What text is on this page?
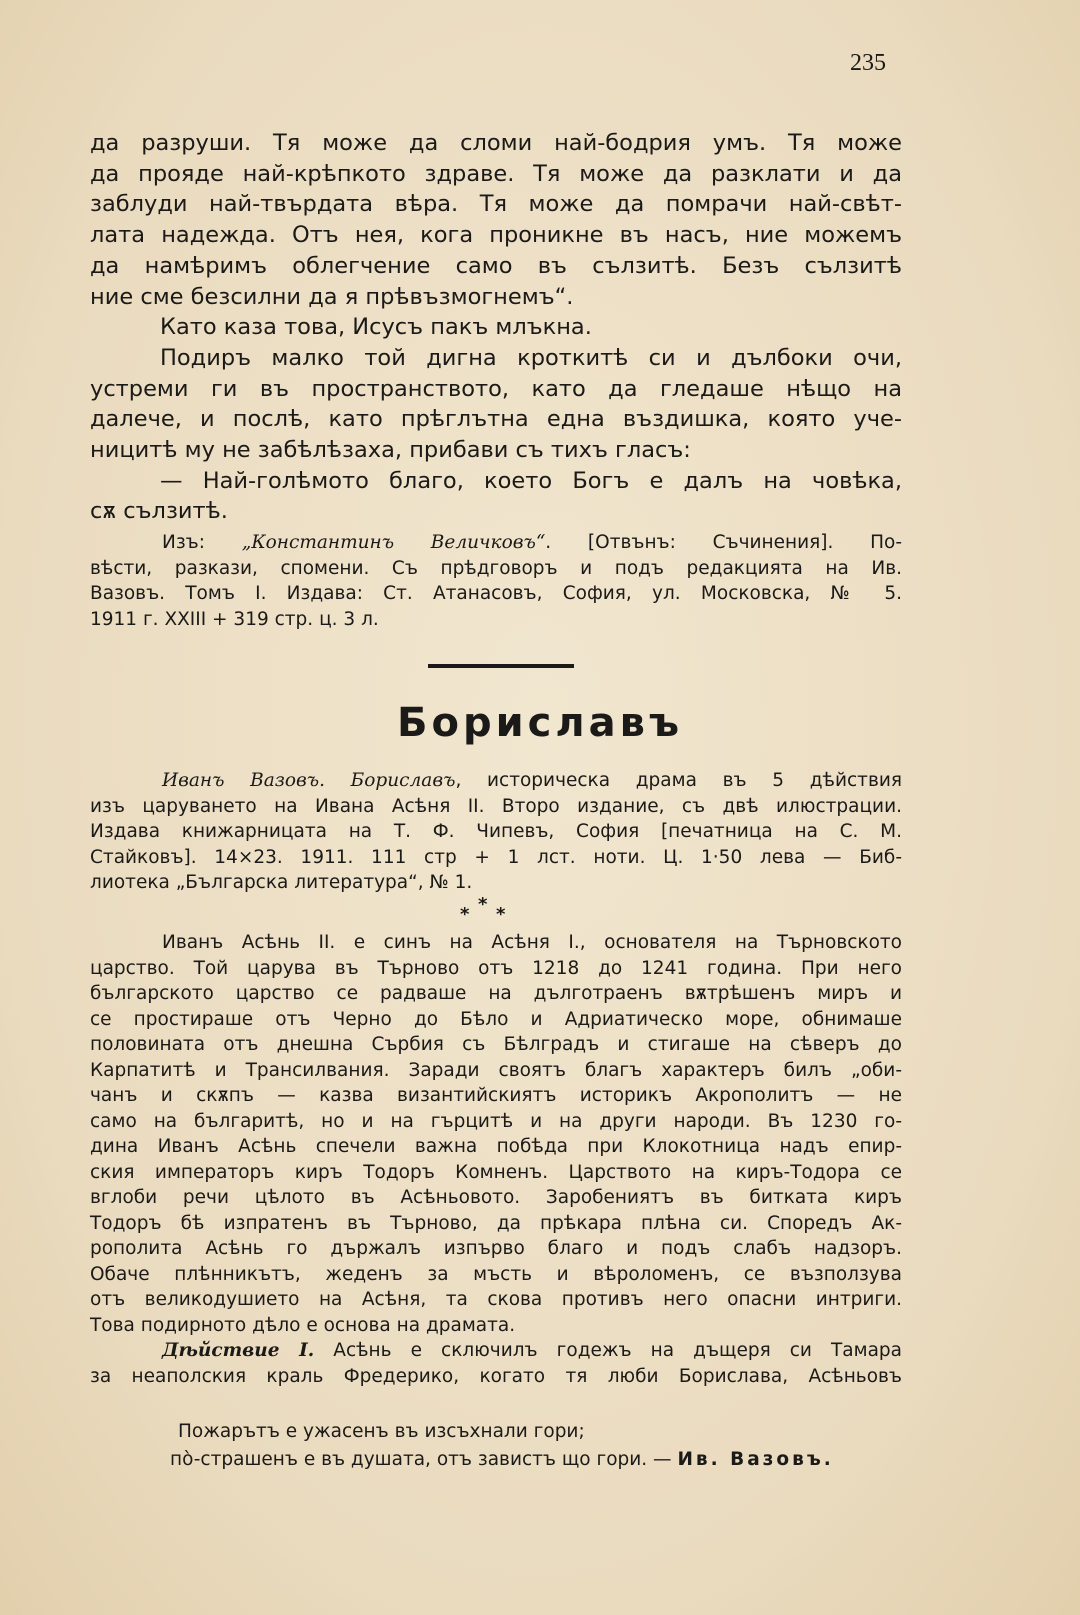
235
да разруши. Тя може да сломи най-бодрия умъ. Тя може
да прояде най-крѣпкото здраве. Тя може да разклати и да
заблуди най-твърдата вѣра. Тя може да помрачи най-свѣт-
лата надежда. Отъ нея, кога проникне въ насъ, ние можемъ
да намѣримъ облегчение само въ сълзитѣ. Безъ сълзитѣ
ние сме безсилни да я прѣвъзмогнемъ“.
Като каза това, Исусъ пакъ млъкна.
Подиръ малко той дигна кроткитѣ си и дълбоки очи,
устреми ги въ пространството, като да гледаше нѣщо на
далече, и послѣ, като прѣглътна една въздишка, която уче-
ницитѣ му не забѣлѣзаха, прибави съ тихъ гласъ:
— Най-голѣмото благо, което Богъ е далъ на човѣка,
сѫ сълзитѣ.
Изъ: „Константинъ Величковъ“. [Отвънъ: Съчинения]. По-
вѣсти, разкази, спомени. Съ прѣдговоръ и подъ редакцията на Ив.
Вазовъ. Томъ I. Издава: Ст. Атанасовъ, София, ул. Московска, № 5.
1911 г. XXIII + 319 стр. ц. 3 л.
Бориславъ
Иванъ Вазовъ. Бориславъ, историческа драма въ 5 дѣйствия
изъ царуването на Ивана Асѣня II. Второ издание, съ двѣ илюстрации.
Издава книжарницата на Т. Ф. Чипевъ, София [печатница на С. М.
Стайковъ]. 14×23. 1911. 111 стр + 1 лст. ноти. Ц. 1·50 лева — Биб-
лиотека „Българска литература“, № 1.
* * *
Иванъ Асѣнь II. е синъ на Асѣня I., основателя на Търновското
царство. Той царува въ Търново отъ 1218 до 1241 година. При него
българското царство се радваше на дълготраенъ вѫтрѣшенъ миръ и
се простираше отъ Черно до Бѣло и Адриатическо море, обнимаше
половината отъ днешна Сърбия съ Бѣлградъ и стигаше на сѣверъ до
Карпатитѣ и Трансилвания. Заради своятъ благъ характеръ билъ „оби-
чанъ и скѫпъ — казва византийскиятъ историкъ Акрополитъ — не
само на българитѣ, но и на гърцитѣ и на други народи. Въ 1230 го-
дина Иванъ Асѣнь спечели важна побѣда при Клокотница надъ епир-
ския императоръ киръ Тодоръ Комненъ. Царството на киръ-Тодора се
вглоби речи цѣлото въ Асѣньовото. Заробениятъ въ битката киръ
Тодоръ бѣ изпратенъ въ Търново, да прѣкара плѣна си. Споредъ Ак-
рополита Асѣнь го държалъ изпърво благо и подъ слабъ надзоръ.
Обаче плѣнникътъ, жеденъ за мъсть и вѣроломенъ, се възползува
отъ великодушието на Асѣня, та скова противъ него опасни интриги.
Това подирното дѣло е основа на драмата.
Дѣйствие I. Асѣнь е сключилъ годежъ на дъщеря си Тамара
за неаполския краль Фредерико, когато тя люби Борислава, Асѣньовъ
Пожарътъ е ужасенъ въ изсъхнали гори;
пò-страшенъ е въ душата, отъ завистъ що гори. — Ив. Вазовъ.
